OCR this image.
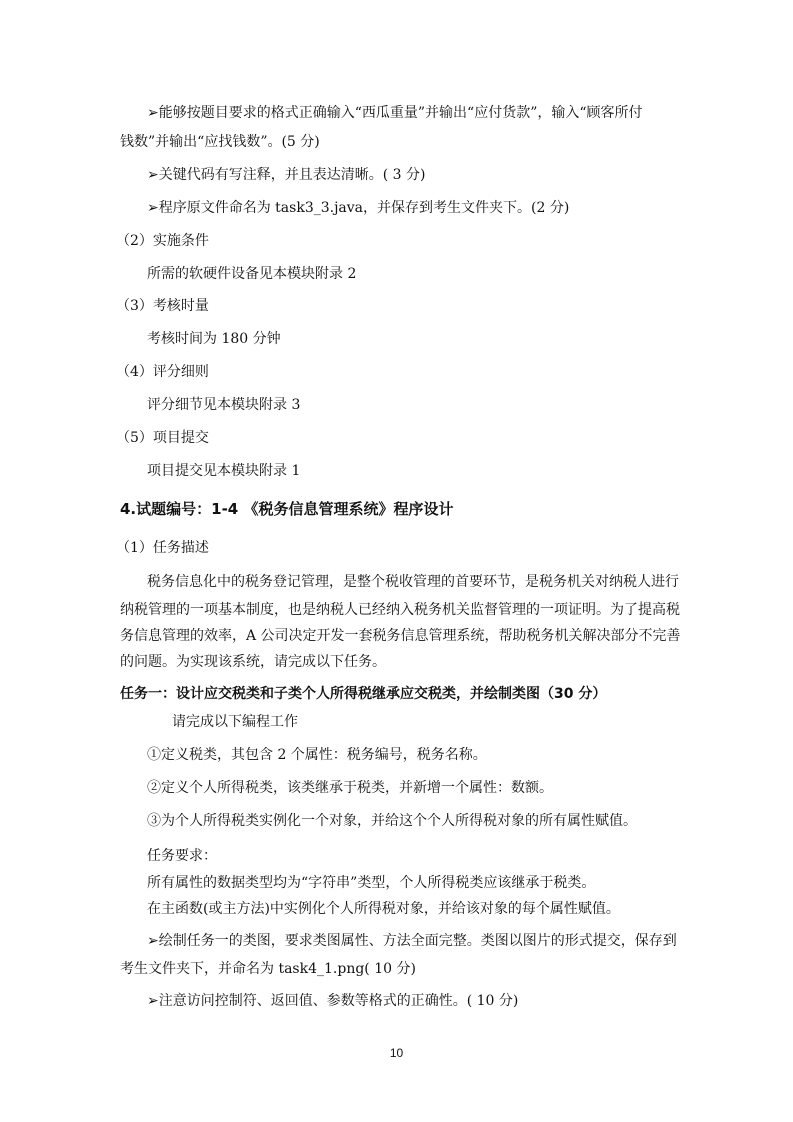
➢能够按题目要求的格式正确输入“西瓜重量”并输出“应付货款”，输入“顾客所付
钱数”并输出“应找钱数”。(5 分)
➢关键代码有写注释，并且表达清晰。( 3 分)
➢程序原文件命名为 task3_3.java，并保存到考生文件夹下。(2 分)
（2）实施条件
所需的软硬件设备见本模块附录 2
（3）考核时量
考核时间为 180 分钟
（4）评分细则
评分细节见本模块附录 3
（5）项目提交
项目提交见本模块附录 1
4.试题编号：1-4 《税务信息管理系统》程序设计
（1）任务描述
税务信息化中的税务登记管理，是整个税收管理的首要环节，是税务机关对纳税人进行
纳税管理的一项基本制度，也是纳税人已经纳入税务机关监督管理的一项证明。为了提高税
务信息管理的效率，A 公司决定开发一套税务信息管理系统，帮助税务机关解决部分不完善
的问题。为实现该系统，请完成以下任务。
任务一：设计应交税类和子类个人所得税继承应交税类，并绘制类图（30 分）
请完成以下编程工作
①定义税类，其包含 2 个属性：税务编号，税务名称。
②定义个人所得税类，该类继承于税类，并新增一个属性：数额。
③为个人所得税类实例化一个对象，并给这个个人所得税对象的所有属性赋值。
任务要求：
所有属性的数据类型均为“字符串”类型，个人所得税类应该继承于税类。
在主函数(或主方法)中实例化个人所得税对象，并给该对象的每个属性赋值。
➢绘制任务一的类图，要求类图属性、方法全面完整。类图以图片的形式提交，保存到
考生文件夹下，并命名为 task4_1.png( 10 分)
➢注意访问控制符、返回值、参数等格式的正确性。( 10 分)
10
